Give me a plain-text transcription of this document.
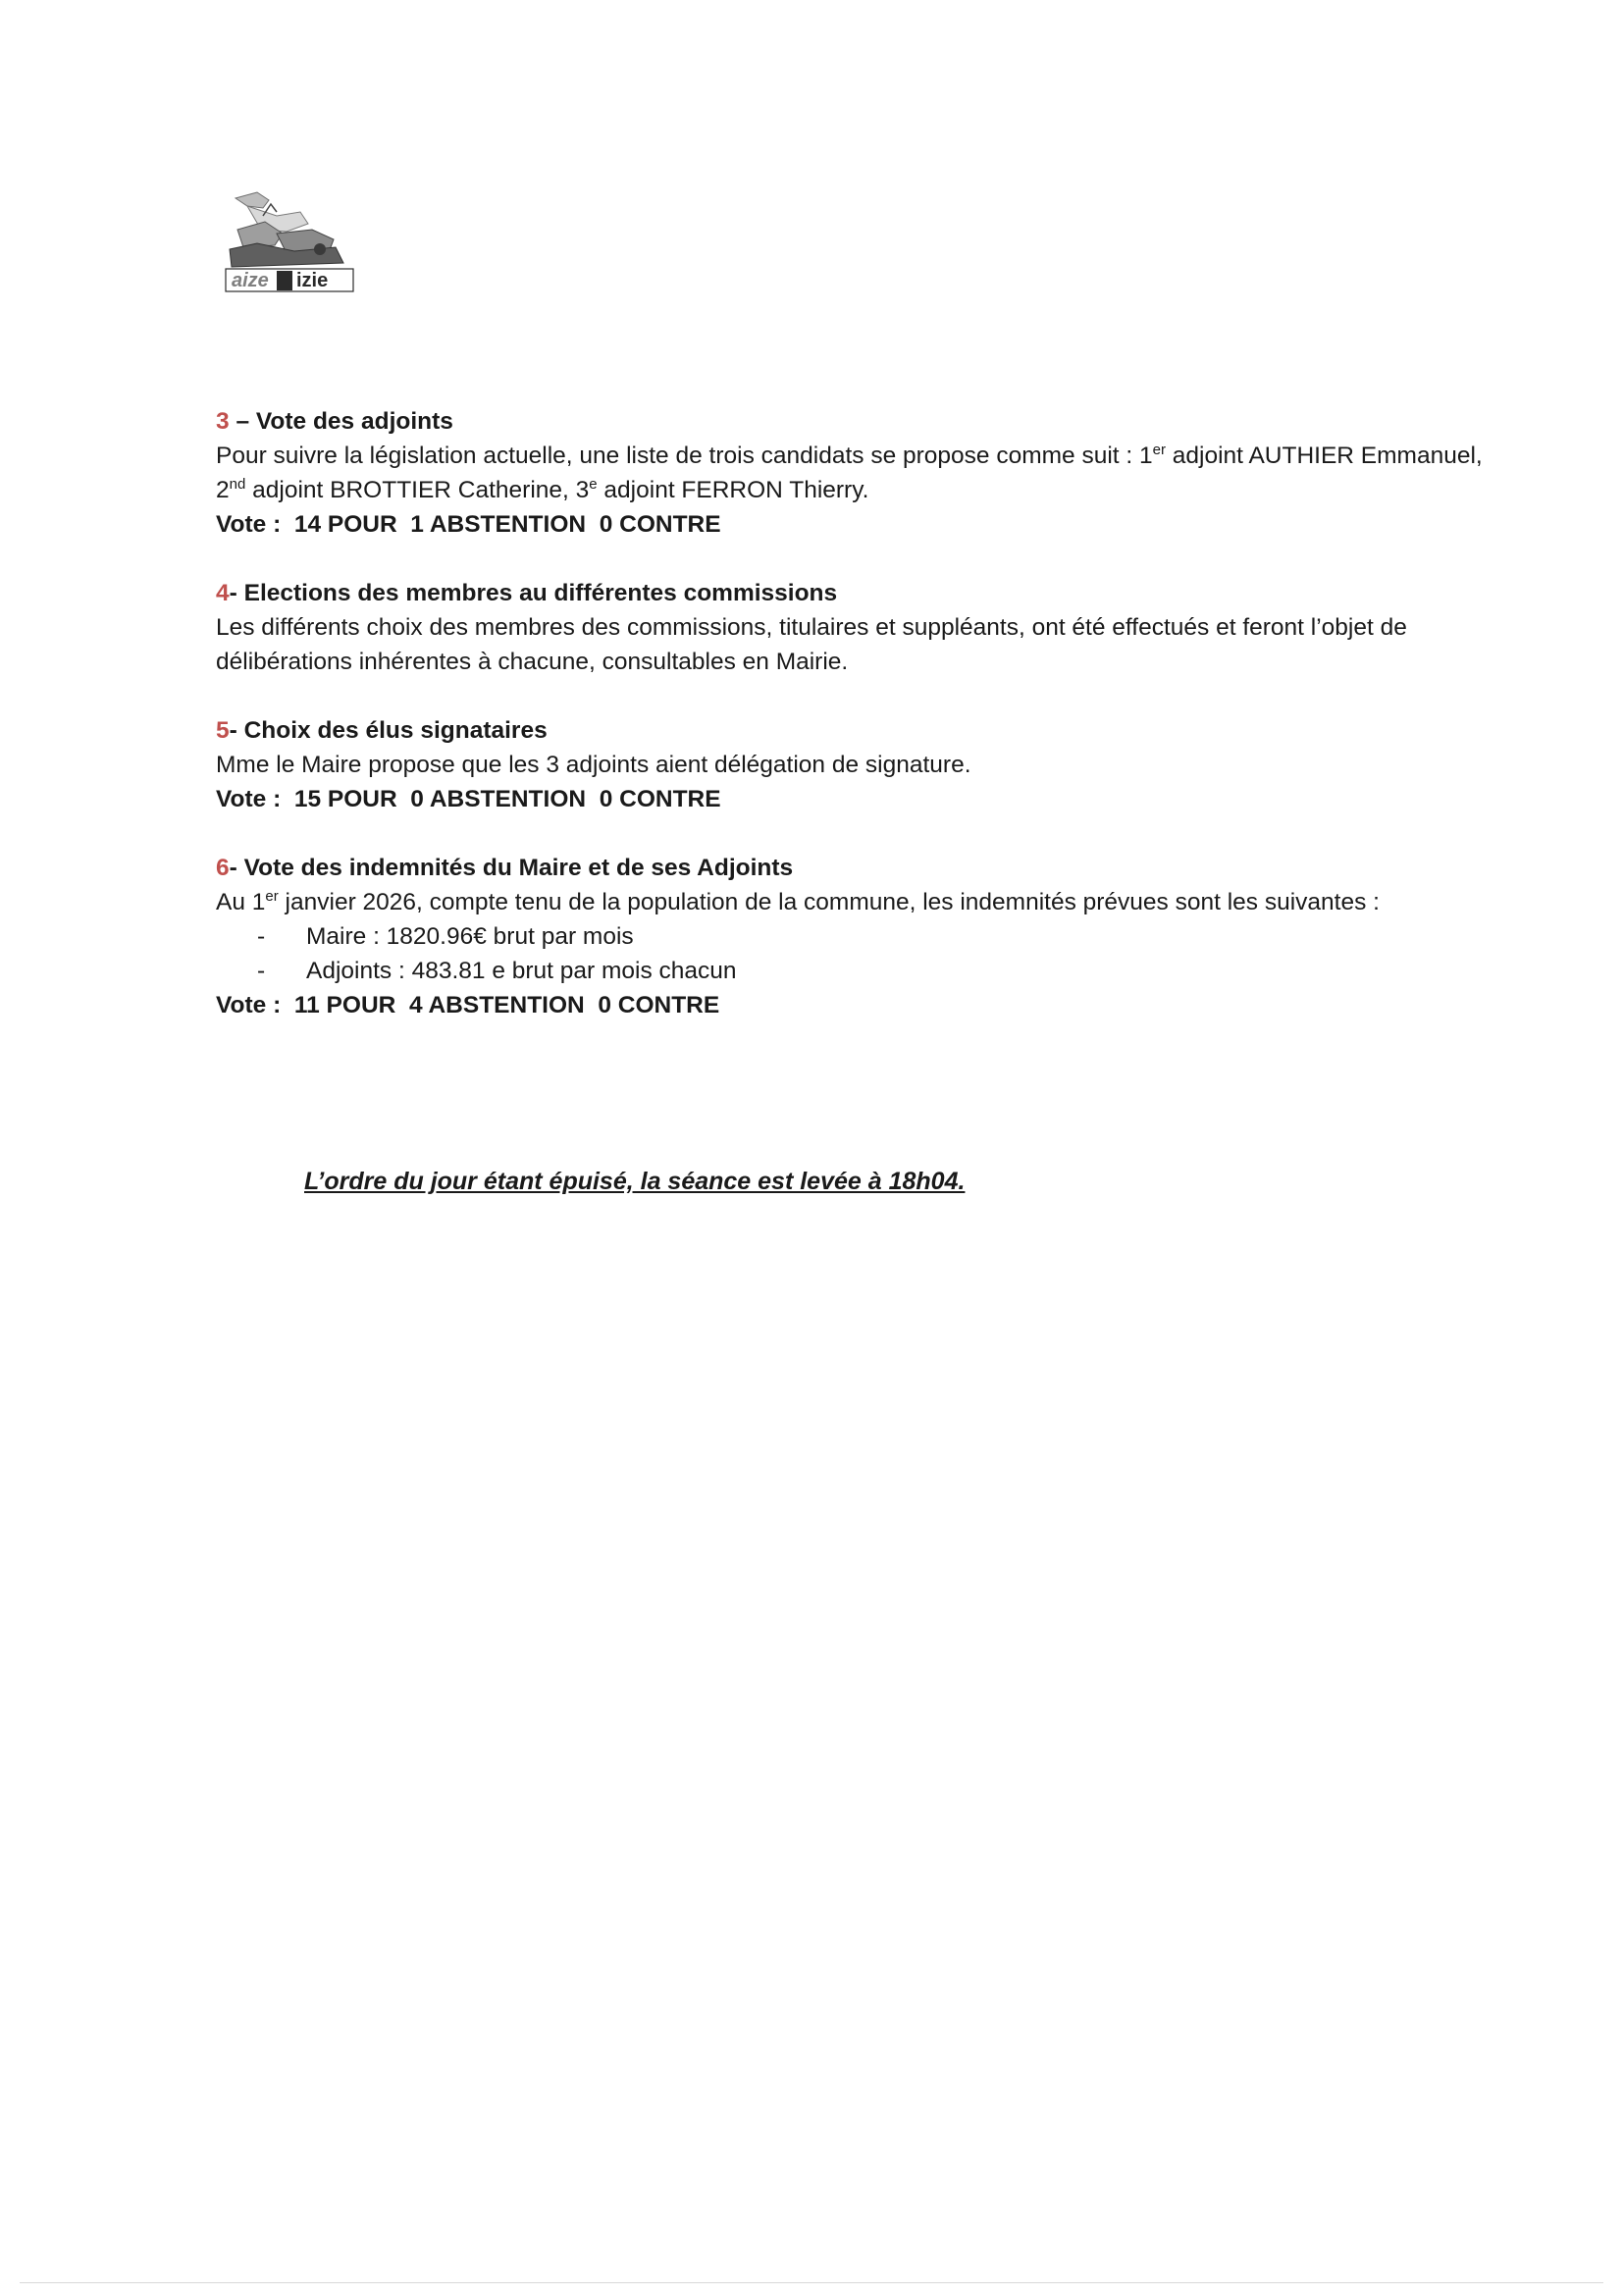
aize izie

3 – Vote des adjoints

Pour suivre la législation actuelle, une liste de trois candidats se propose comme suit : 1er adjoint AUTHIER Emmanuel, 2nd adjoint BROTTIER Catherine, 3e adjoint FERRON Thierry.

Vote :  14 POUR  1 ABSTENTION  0 CONTRE

4- Elections des membres au différentes commissions

Les différents choix des membres des commissions, titulaires et suppléants, ont été effectués et feront l’objet de délibérations inhérentes à chacune, consultables en Mairie.

5- Choix des élus signataires

Mme le Maire propose que les 3 adjoints aient délégation de signature.

Vote :  15 POUR  0 ABSTENTION  0 CONTRE

6- Vote des indemnités du Maire et de ses Adjoints

Au 1er janvier 2026, compte tenu de la population de la commune, les indemnités prévues sont les suivantes :

- Maire : 1820.96€ brut par mois
- Adjoints : 483.81 e brut par mois chacun

Vote :  11 POUR  4 ABSTENTION  0 CONTRE

L’ordre du jour étant épuisé, la séance est levée à 18h04.
